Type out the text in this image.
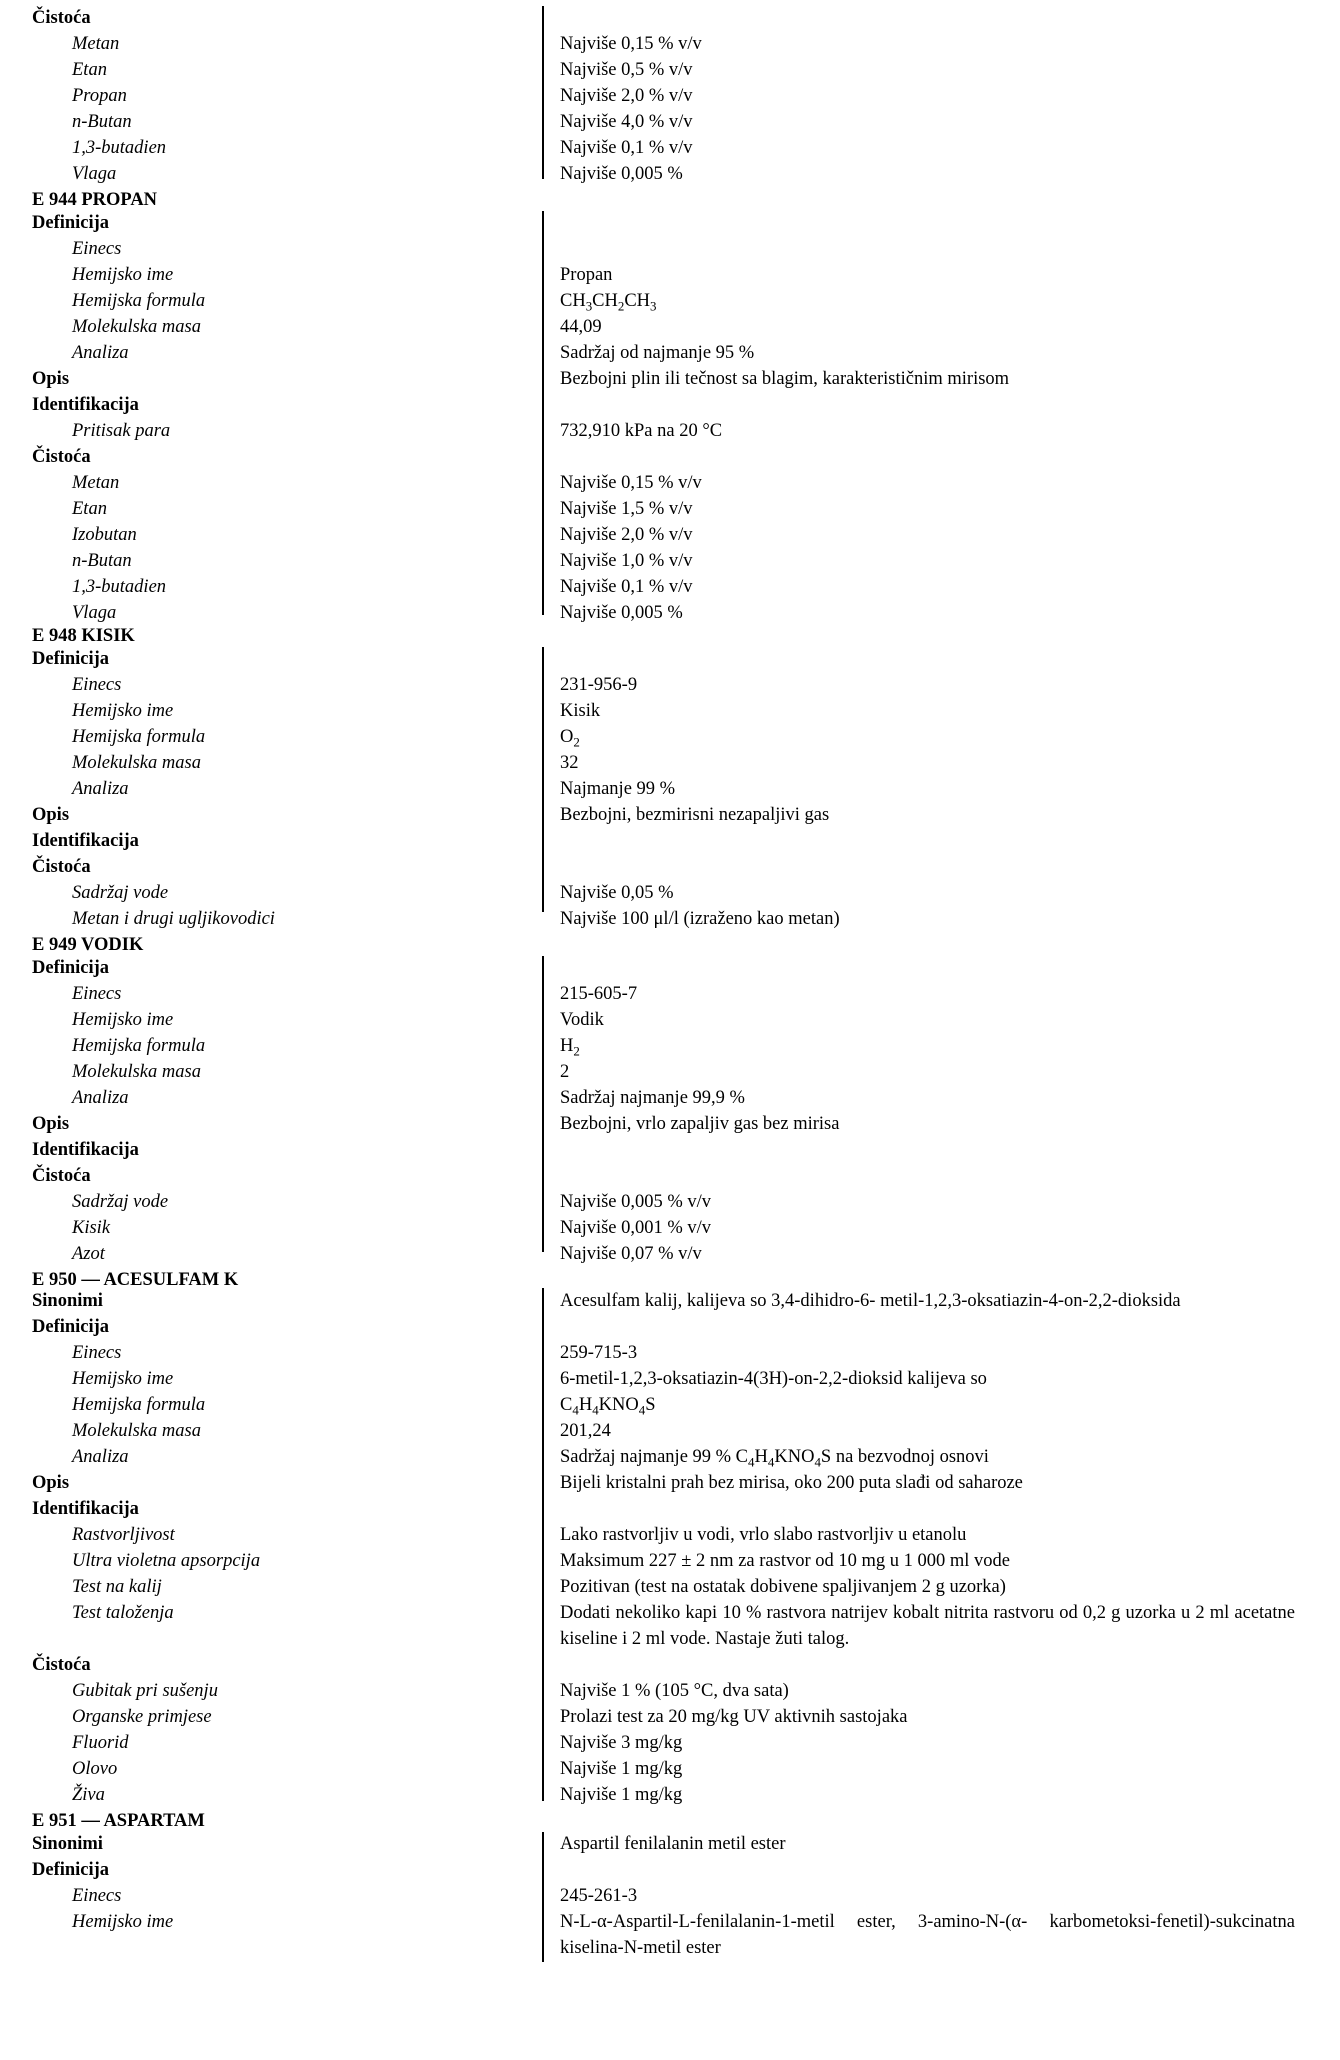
Čistoća
Metan	Najviše 0,15 % v/v
Etan	Najviše 0,5 % v/v
Propan	Najviše 2,0 % v/v
n-Butan	Najviše 4,0 % v/v
1,3-butadien	Najviše 0,1 % v/v
Vlaga	Najviše 0,005 %
E 944 PROPAN
Definicija
Einecs
Hemijsko ime	Propan
Hemijska formula	$CH_3CH_2CH_3$
Molekulska masa	44,09
Analiza	Sadržaj od najmanje 95 %
Opis	Bezbojni plin ili tečnost sa blagim, karakterističnim mirisom
Identifikacija
Pritisak para	732,910 kPa na 20 °C
Čistoća
Metan	Najviše 0,15 % v/v
Etan	Najviše 1,5 % v/v
Izobutan	Najviše 2,0 % v/v
n-Butan	Najviše 1,0 % v/v
1,3-butadien	Najviše 0,1 % v/v
Vlaga	Najviše 0,005 %
E 948 KISIK
Definicija
Einecs	231-956-9
Hemijsko ime	Kisik
Hemijska formula	$O_2$
Molekulska masa	32
Analiza	Najmanje 99 %
Opis	Bezbojni, bezmirisni nezapaljivi gas
Identifikacija
Čistoća
Sadržaj vode	Najviše 0,05 %
Metan i drugi ugljikovodici	Najviše 100 μl/l (izraženo kao metan)
E 949 VODIK
Definicija
Einecs	215-605-7
Hemijsko ime	Vodik
Hemijska formula	$H_2$
Molekulska masa	2
Analiza	Sadržaj najmanje 99,9 %
Opis	Bezbojni, vrlo zapaljiv gas bez mirisa
Identifikacija
Čistoća
Sadržaj vode	Najviše 0,005 % v/v
Kisik	Najviše 0,001 % v/v
Azot	Najviše 0,07 % v/v
E 950 — ACESULFAM K
Sinonimi	Acesulfam kalij, kalijeva so 3,4-dihidro-6- metil-1,2,3-oksatiazin-4-on-2,2-dioksida
Definicija
Einecs	259-715-3
Hemijsko ime	6-metil-1,2,3-oksatiazin-4(3H)-on-2,2-dioksid kalijeva so
Hemijska formula	$C_4H_4KNO_4S$
Molekulska masa	201,24
Analiza	Sadržaj najmanje 99 % $C_4H_4KNO_4S$ na bezvodnoj osnovi
Opis	Bijeli kristalni prah bez mirisa, oko 200 puta slađi od saharoze
Identifikacija
Rastvorljivost	Lako rastvorljiv u vodi, vrlo slabo rastvorljiv u etanolu
Ultra violetna apsorpcija	Maksimum 227 ± 2 nm za rastvor od 10 mg u 1 000 ml vode
Test na kalij	Pozitivan (test na ostatak dobivene spaljivanjem 2 g uzorka)
Test taloženja	Dodati nekoliko kapi 10 % rastvora natrijev kobalt nitrita rastvoru od 0,2 g uzorka u 2 ml acetatne kiseline i 2 ml vode. Nastaje žuti talog.
Čistoća
Gubitak pri sušenju	Najviše 1 % (105 °C, dva sata)
Organske primjese	Prolazi test za 20 mg/kg UV aktivnih sastojaka
Fluorid	Najviše 3 mg/kg
Olovo	Najviše 1 mg/kg
Živa	Najviše 1 mg/kg
E 951 — ASPARTAM
Sinonimi	Aspartil fenilalanin metil ester
Definicija
Einecs	245-261-3
Hemijsko ime	N-L-α-Aspartil-L-fenilalanin-1-metil ester, 3-amino-N-(α- karbometoksi-fenetil)-sukcinatna kiselina-N-metil ester
